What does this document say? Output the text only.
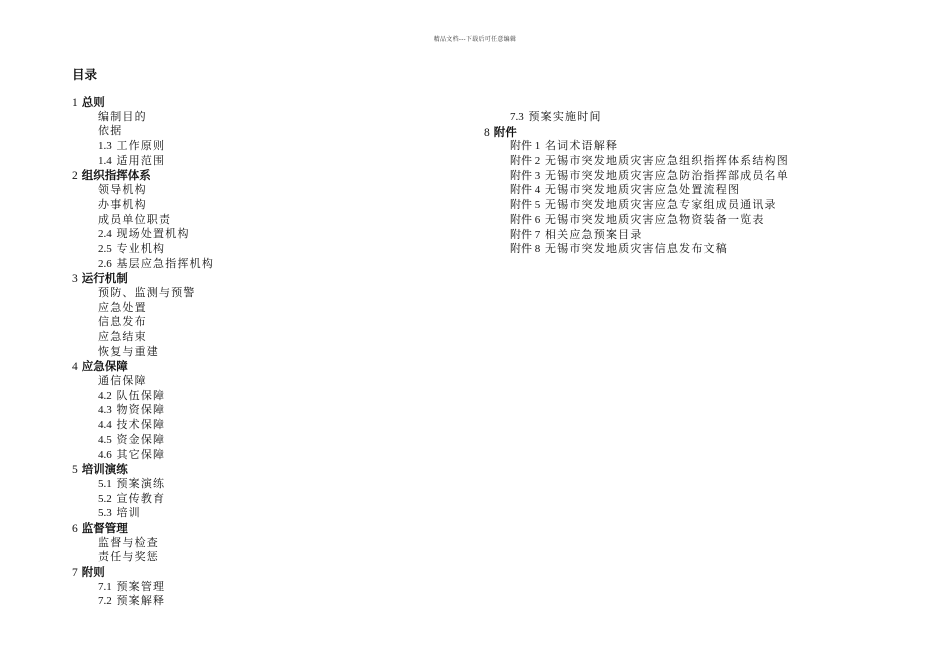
精品文档---下载后可任意编辑
目录
1 总则
编制目的
依据
1.3 工作原则
1.4 适用范围
2 组织指挥体系
领导机构
办事机构
成员单位职责
2.4 现场处置机构
2.5 专业机构
2.6 基层应急指挥机构
3 运行机制
预防、监测与预警
应急处置
信息发布
应急结束
恢复与重建
4 应急保障
通信保障
4.2 队伍保障
4.3 物资保障
4.4 技术保障
4.5 资金保障
4.6 其它保障
5 培训演练
5.1 预案演练
5.2 宣传教育
5.3 培训
6 监督管理
监督与检查
责任与奖惩
7 附则
7.1 预案管理
7.2 预案解释
7.3 预案实施时间
8 附件
附件 1 名词术语解释
附件 2 无锡市突发地质灾害应急组织指挥体系结构图
附件 3 无锡市突发地质灾害应急防治指挥部成员名单
附件 4 无锡市突发地质灾害应急处置流程图
附件 5 无锡市突发地质灾害应急专家组成员通讯录
附件 6 无锡市突发地质灾害应急物资装备一览表
附件 7 相关应急预案目录
附件 8 无锡市突发地质灾害信息发布文稿
